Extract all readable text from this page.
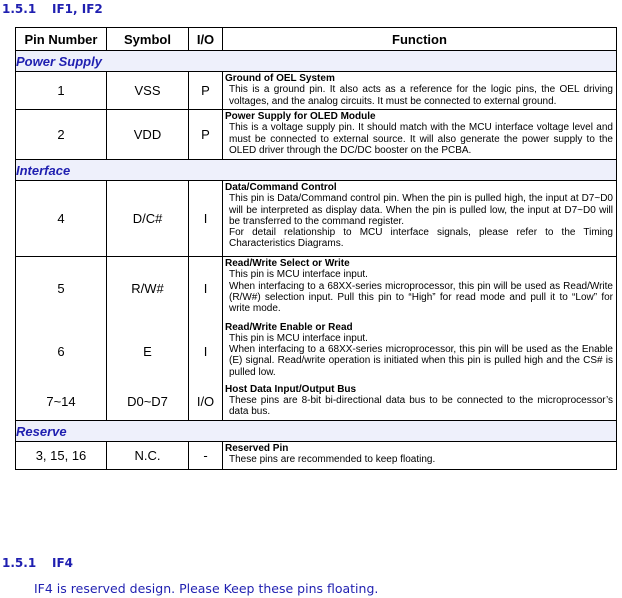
1.5.1 IF1, IF2
Pin Number	Symbol	I/O	Function
Power Supply			
1	VSS	P	Ground of OEL System
This is a ground pin. It also acts as a reference for the logic pins, the OEL driving voltages, and the analog circuits. It must be connected to external ground.

2	VDD	P	Power Supply for OLED Module
This is a voltage supply pin. It should match with the MCU interface voltage level and must be connected to external source. It will also generate the power supply to the OLED driver through the DC/DC booster on the PCBA.

Interface			
4	D/C#	I	Data/Command Control
This pin is Data/Command control pin. When the pin is pulled high, the input at D7~D0 will be interpreted as display data. When the pin is pulled low, the input at D7~D0 will be transferred to the command register.
For detail relationship to MCU interface signals, please refer to the Timing Characteristics Diagrams.

5	R/W#	I	Read/Write Select or Write
This pin is MCU interface input.
When interfacing to a 68XX-series microprocessor, this pin will be used as Read/Write (R/W#) selection input. Pull this pin to “High” for read mode and pull it to “Low” for write mode.

6	E	I	Read/Write Enable or Read
This pin is MCU interface input.
When interfacing to a 68XX-series microprocessor, this pin will be used as the Enable (E) signal. Read/write operation is initiated when this pin is pulled high and the CS# is pulled low.

7~14	D0~D7	I/O	Host Data Input/Output Bus
These pins are 8-bit bi-directional data bus to be connected to the microprocessor’s data bus.

Reserve			
3, 15, 16	N.C.	-	Reserved Pin
These pins are recommended to keep floating.
1.5.1 IF4
IF4 is reserved design. Please Keep these pins floating.
